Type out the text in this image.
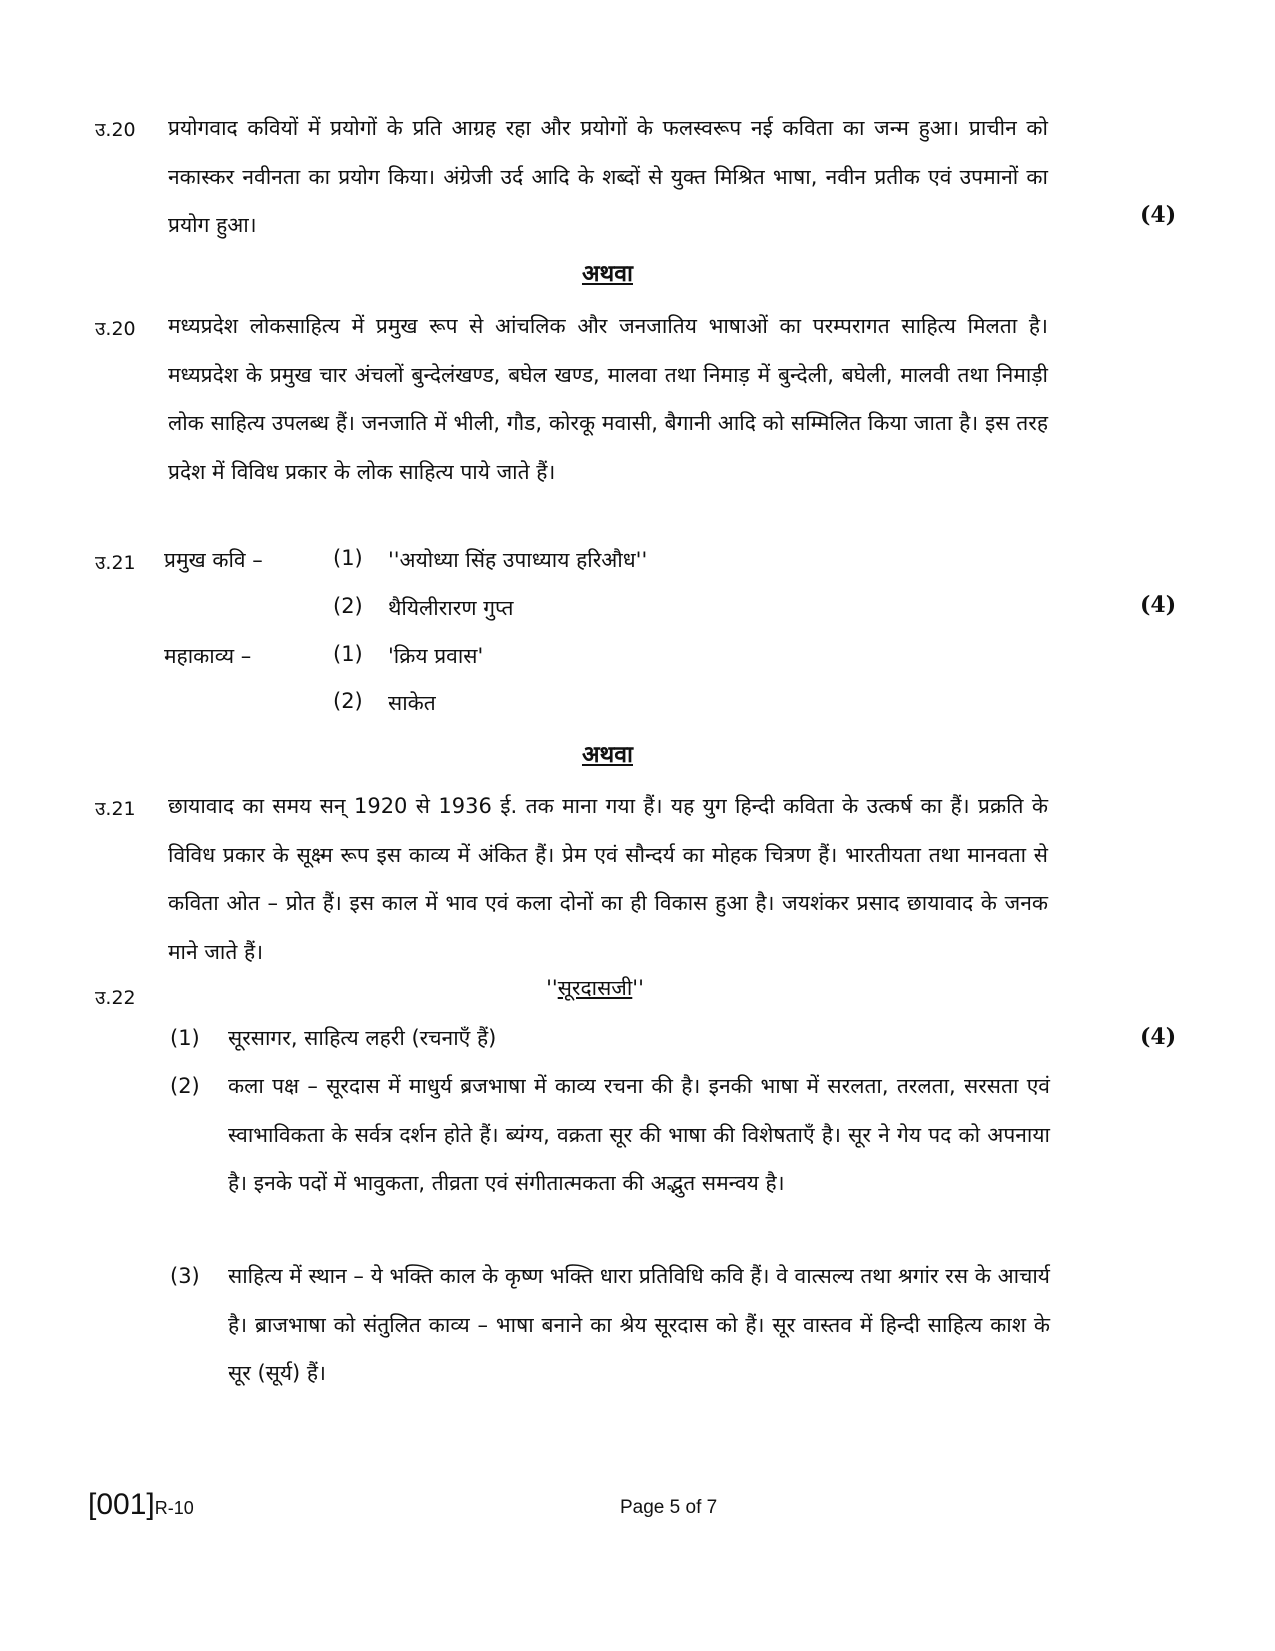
उ.20 प्रयोगवाद कवियों में प्रयोगों के प्रति आग्रह रहा और प्रयोगों के फलस्वरूप नई कविता का जन्म हुआ। प्राचीन को नकास्कर नवीनता का प्रयोग किया। अंग्रेजी उर्द आदि के शब्दों से युक्त मिश्रित भाषा, नवीन प्रतीक एवं उपमानों का प्रयोग हुआ।	(4)
अथवा
उ.20 मध्यप्रदेश लोकसाहित्य में प्रमुख रूप से आंचलिक और जनजातिय भाषाओं का परम्परागत साहित्य मिलता है। मध्यप्रदेश के प्रमुख चार अंचलों बुन्देलंखण्ड, बघेल खण्ड, मालवा तथा निमाड़ में बुन्देली, बघेली, मालवी तथा निमाड़ी लोक साहित्य उपलब्ध हैं। जनजाति में भीली, गौड, कोरकू मवासी, बैगानी आदि को सम्मिलित किया जाता है। इस तरह प्रदेश में विविध प्रकार के लोक साहित्य पाये जाते हैं।
उ.21 प्रमुख कवि –	(1) ''अयोध्या सिंह उपाध्याय हरिऔध''
(2) थैयिलीरारण गुप्त	(4)
महाकाव्य –	(1) 'क्रिय प्रवास'
(2) साकेत
अथवा
उ.21 छायावाद का समय सन् 1920 से 1936 ई. तक माना गया हैं। यह युग हिन्दी कविता के उत्कर्ष का हैं। प्रक्रति के विविध प्रकार के सूक्ष्म रूप इस काव्य में अंकित हैं। प्रेम एवं सौन्दर्य का मोहक चित्रण हैं। भारतीयता तथा मानवता से कविता ओत – प्रोत हैं। इस काल में भाव एवं कला दोनों का ही विकास हुआ है। जयशंकर प्रसाद छायावाद के जनक माने जाते हैं।
उ.22	''सूरदासजी''
(4)
(1) सूरसागर, साहित्य लहरी (रचनाएँ हैं)
(2) कला पक्ष – सूरदास में माधुर्य ब्रजभाषा में काव्य रचना की है। इनकी भाषा में सरलता, तरलता, सरसता एवं स्वाभाविकता के सर्वत्र दर्शन होते हैं। ब्यंग्य, वक्रता सूर की भाषा की विशेषताएँ है। सूर ने गेय पद को अपनाया है। इनके पदों में भावुकता, तीव्रता एवं संगीतात्मकता की अद्भुत समन्वय है।
(3) साहित्य में स्थान – ये भक्ति काल के कृष्ण भक्ति धारा प्रतिविधि कवि हैं। वे वात्सल्य तथा श्रगांर रस के आचार्य है। ब्राजभाषा को संतुलित काव्य – भाषा बनाने का श्रेय सूरदास को हैं। सूर वास्तव में हिन्दी साहित्य काश के सूर (सूर्य) हैं।
[001]R-10	Page 5 of 7
